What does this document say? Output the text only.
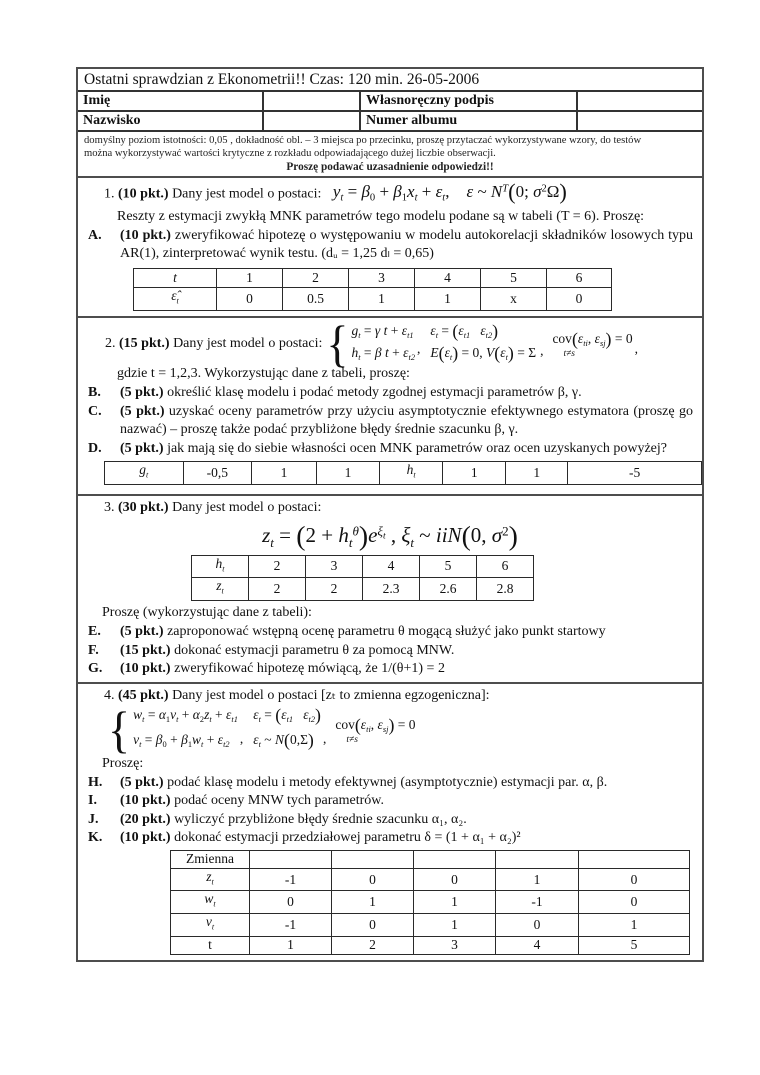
Ostatni sprawdzian z Ekonometrii!! Czas: 120 min. 26-05-2006
Imię	Własnoręczny podpis
Nazwisko	Numer albumu
domyślny poziom istotności: 0,05 , dokładność obl. – 3 miejsca po przecinku, proszę przytaczać wykorzystywane wzory, do testów
można wykorzystywać wartości krytyczne z rozkładu odpowiadającego dużej liczbie obserwacji.
Proszę podawać uzasadnienie odpowiedzi!!
1. (10 pkt.) Dany jest model o postaci: $y_t = \beta_0 + \beta_1x_t + \varepsilon_t$,    ε ~ $N^T(0$; $\sigma^2\Omega$)
Reszty z estymacji zwykłą MNK parametrów tego modelu podane są w tabeli (T = 6). Proszę:
A.	(10 pkt.) zweryfikować hipotezę o występowaniu w modelu autokorelacji składników losowych typu AR(1), zinterpretować wynik testu. (dᵤ = 1,25 dₗ = 0,65)
t	1	2	3	4	5	6
$\varepsilon̂_t$	0	0.5	1	1	x	0
2. (15 pkt.) Dany jest model o postaci: { $g_t = \gamma$ $t + \varepsilon_{t1}$
$h_t = \beta$ $t + \varepsilon_{t2}$
,
$\varepsilon_t = (\varepsilon_{t1}$ $\varepsilon_{t2}$)
$E(\varepsilon_t) = 0$, $V(\varepsilon_t) = \Sigma$ ,
$cov(\varepsilon_{ti}$, $\varepsilon_{sj}) = 0$
t≠s	,
gdzie t = 1,2,3. Wykorzystując dane z tabeli, proszę:
B.	(5 pkt.) określić klasę modelu i podać metody zgodnej estymacji parametrów β, γ.
C.	(5 pkt.) uzyskać oceny parametrów przy użyciu asymptotycznie efektywnego estymatora (proszę go nazwać) – proszę także podać przybliżone błędy średnie szacunku β, γ.
D.	(5 pkt.) jak mają się do siebie własności ocen MNK parametrów oraz ocen uzyskanych powyżej?
$g_t$	-0,5	1	1	$h_t$	1	1	-5
3. (30 pkt.) Dany jest model o postaci:
$z_t = (2 + h_t^\theta)e^\xi t$ , $\xi_t$ ~ iiN(0, $\sigma^2$)
$h_t$	2	3	4	5	6
$z_t$	2	2	2.3	2.6	2.8
Proszę (wykorzystując dane z tabeli):
E.	(5 pkt.) zaproponować wstępną ocenę parametru θ mogącą służyć jako punkt startowy
F.	(15 pkt.) dokonać estymacji parametru θ za pomocą MNW.
G.	(10 pkt.) zweryfikować hipotezę mówiącą, że 1/(θ+1) = 2
4. (45 pkt.) Dany jest model o postaci [zₜ to zmienna egzogeniczna]:
{ $w_t = \alpha_1v_t + \alpha_2z_t + \varepsilon_{t1}$
$v_t = \beta_0 + \beta_1w_t + \varepsilon_{t2}$ ,
$\varepsilon_t = (\varepsilon_{t1}$ $\varepsilon_{t2}$)
$\varepsilon_t$ ~ N(0,Σ) ,
$cov(\varepsilon_{ti}$, $\varepsilon_{sj}) = 0$
t≠s
Proszę:
H.	(5 pkt.) podać klasę modelu i metody efektywnej (asymptotycznie) estymacji par. α, β.
I.	(10 pkt.) podać oceny MNW tych parametrów.
J.	(20 pkt.) wyliczyć przybliżone błędy średnie szacunku α₁, α₂.
K.	(10 pkt.) dokonać estymacji przedziałowej parametru δ = (1 + α₁ + α₂)²
Zmienna					
$z_t$	-1	0	0	1	0
$w_t$	0	1	1	-1	0
$v_t$	-1	0	1	0	1
t	1	2	3	4	5
